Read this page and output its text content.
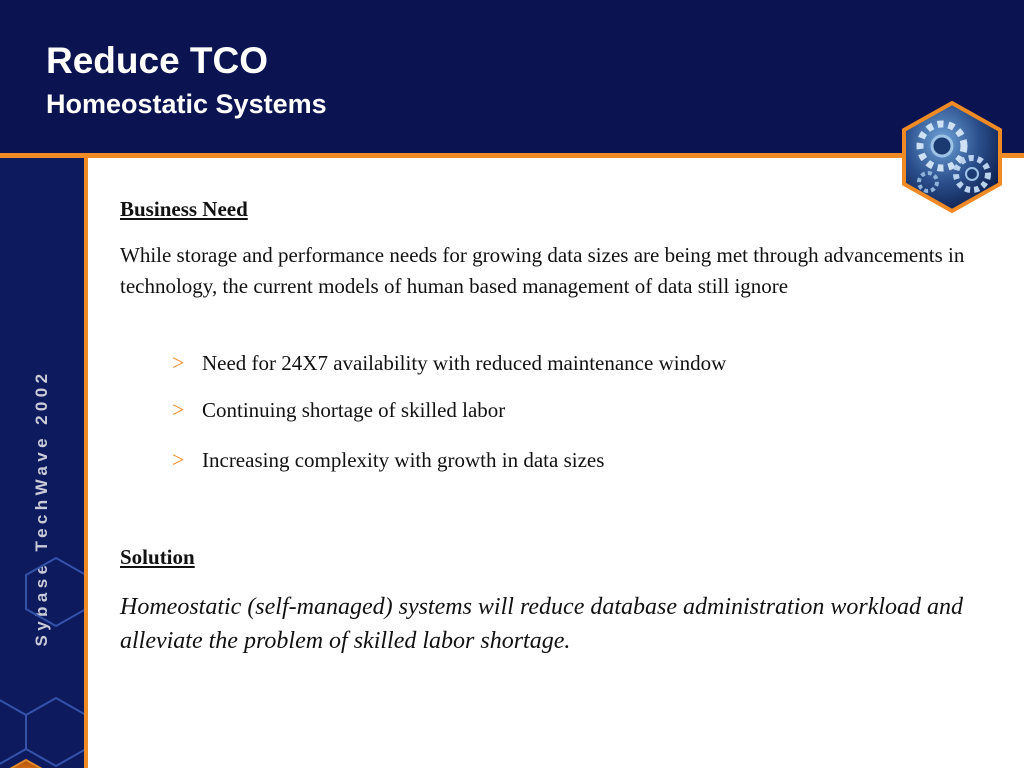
Reduce TCO
Homeostatic Systems
Sybase TechWave 2002
Business Need

While storage and performance needs for growing data sizes are being met through advancements in technology, the current models of human based management of data still ignore

> Need for 24X7 availability with reduced maintenance window
> Continuing shortage of skilled labor
> Increasing complexity with growth in data sizes
Solution

Homeostatic (self-managed) systems will reduce database administration workload and alleviate the problem of skilled labor shortage.
